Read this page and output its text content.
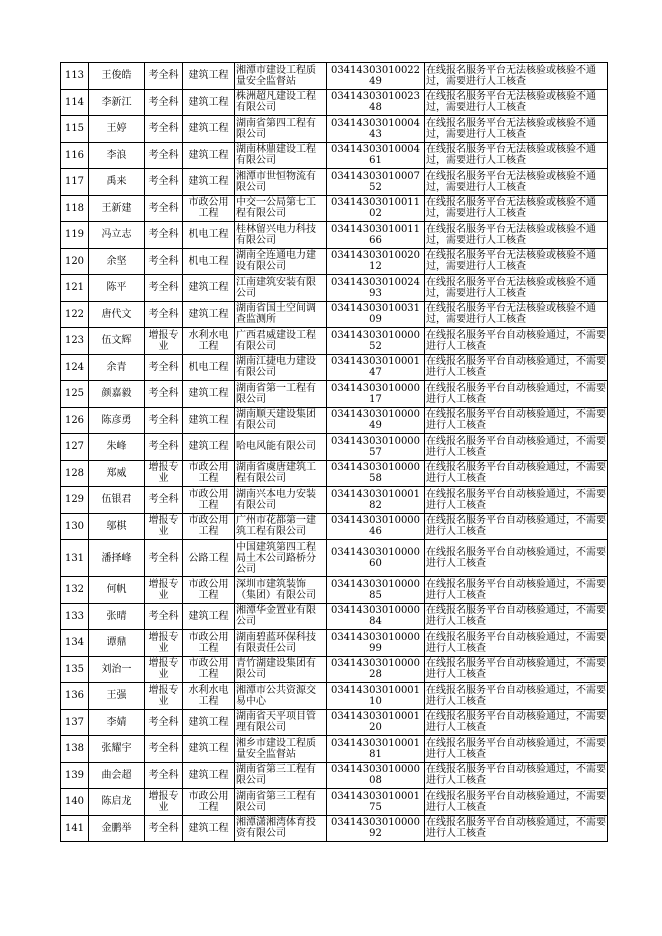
113	王俊皓	考全科	建筑工程	湘潭市建设工程质量安全监督站	0341430301002249	在线报名服务平台无法核验或核验不通过，需要进行人工核查
114	李新江	考全科	建筑工程	株洲超凡建设工程有限公司	0341430301002348	在线报名服务平台无法核验或核验不通过，需要进行人工核查
115	王婷	考全科	建筑工程	湖南省第四工程有限公司	0341430301000443	在线报名服务平台无法核验或核验不通过，需要进行人工核查
116	李浪	考全科	建筑工程	湖南林鼎建设工程有限公司	0341430301000461	在线报名服务平台无法核验或核验不通过，需要进行人工核查
117	禹来	考全科	建筑工程	湘潭市世恒物流有限公司	0341430301000752	在线报名服务平台无法核验或核验不通过，需要进行人工核查
118	王新建	考全科	市政公用工程	中交一公局第七工程有限公司	0341430301001102	在线报名服务平台无法核验或核验不通过，需要进行人工核查
119	冯立志	考全科	机电工程	桂林留兴电力科技有限公司	0341430301001166	在线报名服务平台无法核验或核验不通过，需要进行人工核查
120	余坚	考全科	机电工程	湖南全连通电力建设有限公司	0341430301002012	在线报名服务平台无法核验或核验不通过，需要进行人工核查
121	陈平	考全科	建筑工程	江南建筑安装有限公司	0341430301002493	在线报名服务平台无法核验或核验不通过，需要进行人工核查
122	唐代文	考全科	建筑工程	湖南省国土空间调查监测所	0341430301003109	在线报名服务平台无法核验或核验不通过，需要进行人工核查
123	伍文辉	增报专业	水利水电工程	广西君威建设工程有限公司	0341430301000052	在线报名服务平台自动核验通过，不需要进行人工核查
124	余青	考全科	机电工程	湖南江捷电力建设有限公司	0341430301000147	在线报名服务平台自动核验通过，不需要进行人工核查
125	颜嘉毅	考全科	建筑工程	湖南省第一工程有限公司	0341430301000017	在线报名服务平台自动核验通过，不需要进行人工核查
126	陈彦勇	考全科	建筑工程	湖南顺天建设集团有限公司	0341430301000049	在线报名服务平台自动核验通过，不需要进行人工核查
127	朱峰	考全科	建筑工程	哈电风能有限公司	0341430301000057	在线报名服务平台自动核验通过，不需要进行人工核查
128	郑威	增报专业	市政公用工程	湖南省虞唐建筑工程有限公司	0341430301000058	在线报名服务平台自动核验通过，不需要进行人工核查
129	伍银君	考全科	市政公用工程	湖南兴本电力安装有限公司	0341430301000182	在线报名服务平台自动核验通过，不需要进行人工核查
130	邬棋	增报专业	市政公用工程	广州市花都第一建筑工程有限公司	0341430301000046	在线报名服务平台自动核验通过，不需要进行人工核查
131	潘择峰	考全科	公路工程	中国建筑第四工程局土木公司路桥分公司	0341430301000060	在线报名服务平台自动核验通过，不需要进行人工核查
132	何帆	增报专业	市政公用工程	深圳市建筑装饰（集团）有限公司	0341430301000085	在线报名服务平台自动核验通过，不需要进行人工核查
133	张晴	考全科	建筑工程	湘潭华金置业有限公司	0341430301000084	在线报名服务平台自动核验通过，不需要进行人工核查
134	谭鼎	增报专业	市政公用工程	湖南碧蓝环保科技有限责任公司	0341430301000099	在线报名服务平台自动核验通过，不需要进行人工核查
135	刘治一	增报专业	市政公用工程	青竹湖建设集团有限公司	0341430301000028	在线报名服务平台自动核验通过，不需要进行人工核查
136	王强	增报专业	水利水电工程	湘潭市公共资源交易中心	0341430301000110	在线报名服务平台自动核验通过，不需要进行人工核查
137	李婧	考全科	建筑工程	湖南省天平项目管理有限公司	0341430301000120	在线报名服务平台自动核验通过，不需要进行人工核查
138	张耀宇	考全科	建筑工程	湘乡市建设工程质量安全监督站	0341430301000181	在线报名服务平台自动核验通过，不需要进行人工核查
139	曲会超	考全科	建筑工程	湖南省第三工程有限公司	0341430301000008	在线报名服务平台自动核验通过，不需要进行人工核查
140	陈启龙	增报专业	市政公用工程	湖南省第三工程有限公司	0341430301000175	在线报名服务平台自动核验通过，不需要进行人工核查
141	金鹏举	考全科	建筑工程	湘潭潇湘湾体育投资有限公司	0341430301000092	在线报名服务平台自动核验通过，不需要进行人工核查
